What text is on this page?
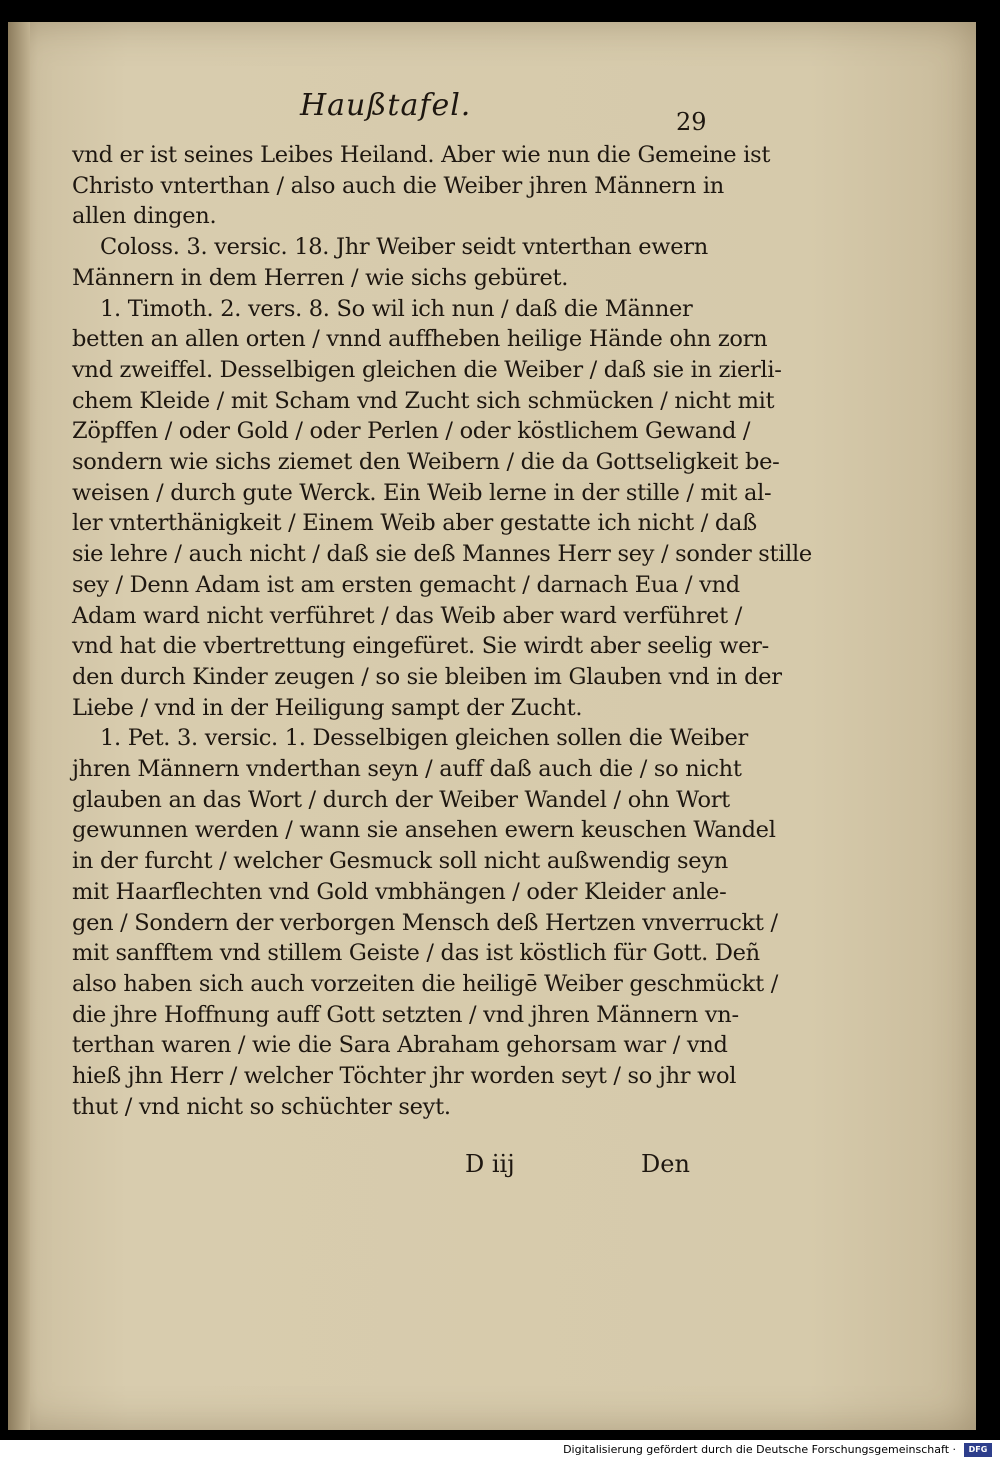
Haußtafel.	29
vnd er ist seines Leibes Heiland. Aber wie nun die Gemeine ist
Christo vnterthan / also auch die Weiber jhren Männern in
allen dingen.
Coloss. 3. versic. 18. Jhr Weiber seidt vnterthan ewern
Männern in dem Herren / wie sichs gebüret.
1. Timoth. 2. vers. 8. So wil ich nun / daß die Männer
betten an allen orten / vnnd auffheben heilige Hände ohn zorn
vnd zweiffel. Desselbigen gleichen die Weiber / daß sie in zierli-
chem Kleide / mit Scham vnd Zucht sich schmücken / nicht mit
Zöpffen / oder Gold / oder Perlen / oder köstlichem Gewand /
sondern wie sichs ziemet den Weibern / die da Gottseligkeit be-
weisen / durch gute Werck. Ein Weib lerne in der stille / mit al-
ler vnterthänigkeit / Einem Weib aber gestatte ich nicht / daß
sie lehre / auch nicht / daß sie deß Mannes Herr sey / sonder stille
sey / Denn Adam ist am ersten gemacht / darnach Eua / vnd
Adam ward nicht verführet / das Weib aber ward verführet /
vnd hat die vbertrettung eingefüret. Sie wirdt aber seelig wer-
den durch Kinder zeugen / so sie bleiben im Glauben vnd in der
Liebe / vnd in der Heiligung sampt der Zucht.
1. Pet. 3. versic. 1. Desselbigen gleichen sollen die Weiber
jhren Männern vnderthan seyn / auff daß auch die / so nicht
glauben an das Wort / durch der Weiber Wandel / ohn Wort
gewunnen werden / wann sie ansehen ewern keuschen Wandel
in der furcht / welcher Gesmuck soll nicht außwendig seyn
mit Haarflechten vnd Gold vmbhängen / oder Kleider anle-
gen / Sondern der verborgen Mensch deß Hertzen vnverruckt /
mit sanfftem vnd stillem Geiste / das ist köstlich für Gott. Deñ
also haben sich auch vorzeiten die heiligē Weiber geschmückt /
die jhre Hoffnung auff Gott setzten / vnd jhren Männern vn-
terthan waren / wie die Sara Abraham gehorsam war / vnd
hieß jhn Herr / welcher Töchter jhr worden seyt / so jhr wol
thut / vnd nicht so schüchter seyt.
D iij	Den
Digitalisierung gefördert durch die Deutsche Forschungsgemeinschaft ·	DFG
